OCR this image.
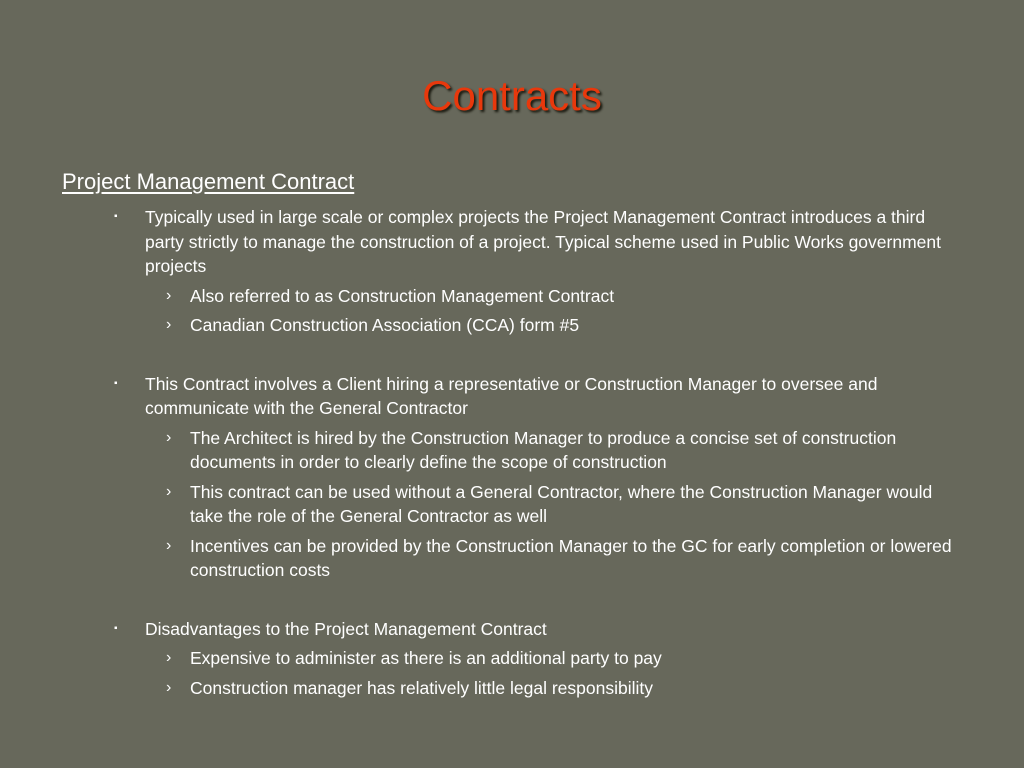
Contracts
Project Management Contract
▪ Typically used in large scale or complex projects the Project Management Contract introduces a third party strictly to manage the construction of a project. Typical scheme used in Public Works government projects
› Also referred to as Construction Management Contract
› Canadian Construction Association (CCA) form #5
▪ This Contract involves a Client hiring a representative or Construction Manager to oversee and communicate with the General Contractor
› The Architect is hired by the Construction Manager to produce a concise set of construction documents in order to clearly define the scope of construction
› This contract can be used without a General Contractor, where the Construction Manager would take the role of the General Contractor as well
› Incentives can be provided by the Construction Manager to the GC for early completion or lowered construction costs
▪ Disadvantages to the Project Management Contract
› Expensive to administer as there is an additional party to pay
› Construction manager has relatively little legal responsibility
